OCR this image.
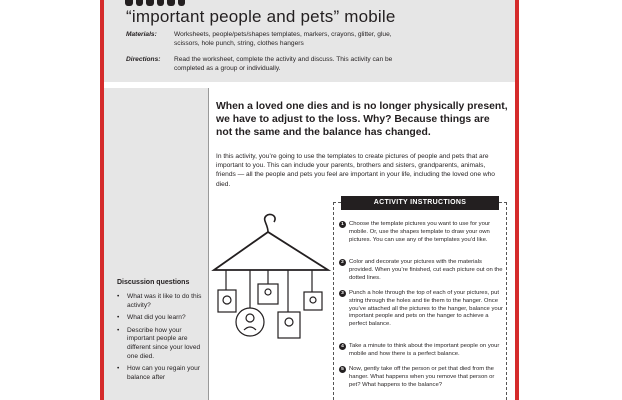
“important people and pets” mobile
Materials:	Worksheets, people/pets/shapes templates, markers, crayons, glitter, glue, scissors, hole punch, string, clothes hangers
Directions:	Read the worksheet, complete the activity and discuss. This activity can be completed as a group or individually.
When a loved one dies and is no longer physically present, we have to adjust to the loss. Why? Because things are not the same and the balance has changed.
In this activity, you’re going to use the templates to create pictures of people and pets that are important to you. This can include your parents, brothers and sisters, grandparents, animals, friends — all the people and pets you feel are important in your life, including the loved one who died.
Discussion questions
• What was it like to do this activity?
• What did you learn?
• Describe how your important people are different since your loved one died.
• How can you regain your balance after
ACTIVITY INSTRUCTIONS
1 Choose the template pictures you want to use for your mobile. Or, use the shapes template to draw your own pictures. You can use any of the templates you’d like.
2 Color and decorate your pictures with the materials provided. When you’re finished, cut each picture out on the dotted lines.
3 Punch a hole through the top of each of your pictures, put string through the holes and tie them to the hanger. Once you’ve attached all the pictures to the hanger, balance your important people and pets on the hanger to achieve a perfect balance.
4 Take a minute to think about the important people on your mobile and how there is a perfect balance.
5 Now, gently take off the person or pet that died from the hanger. What happens when you remove that person or pet? What happens to the balance?
